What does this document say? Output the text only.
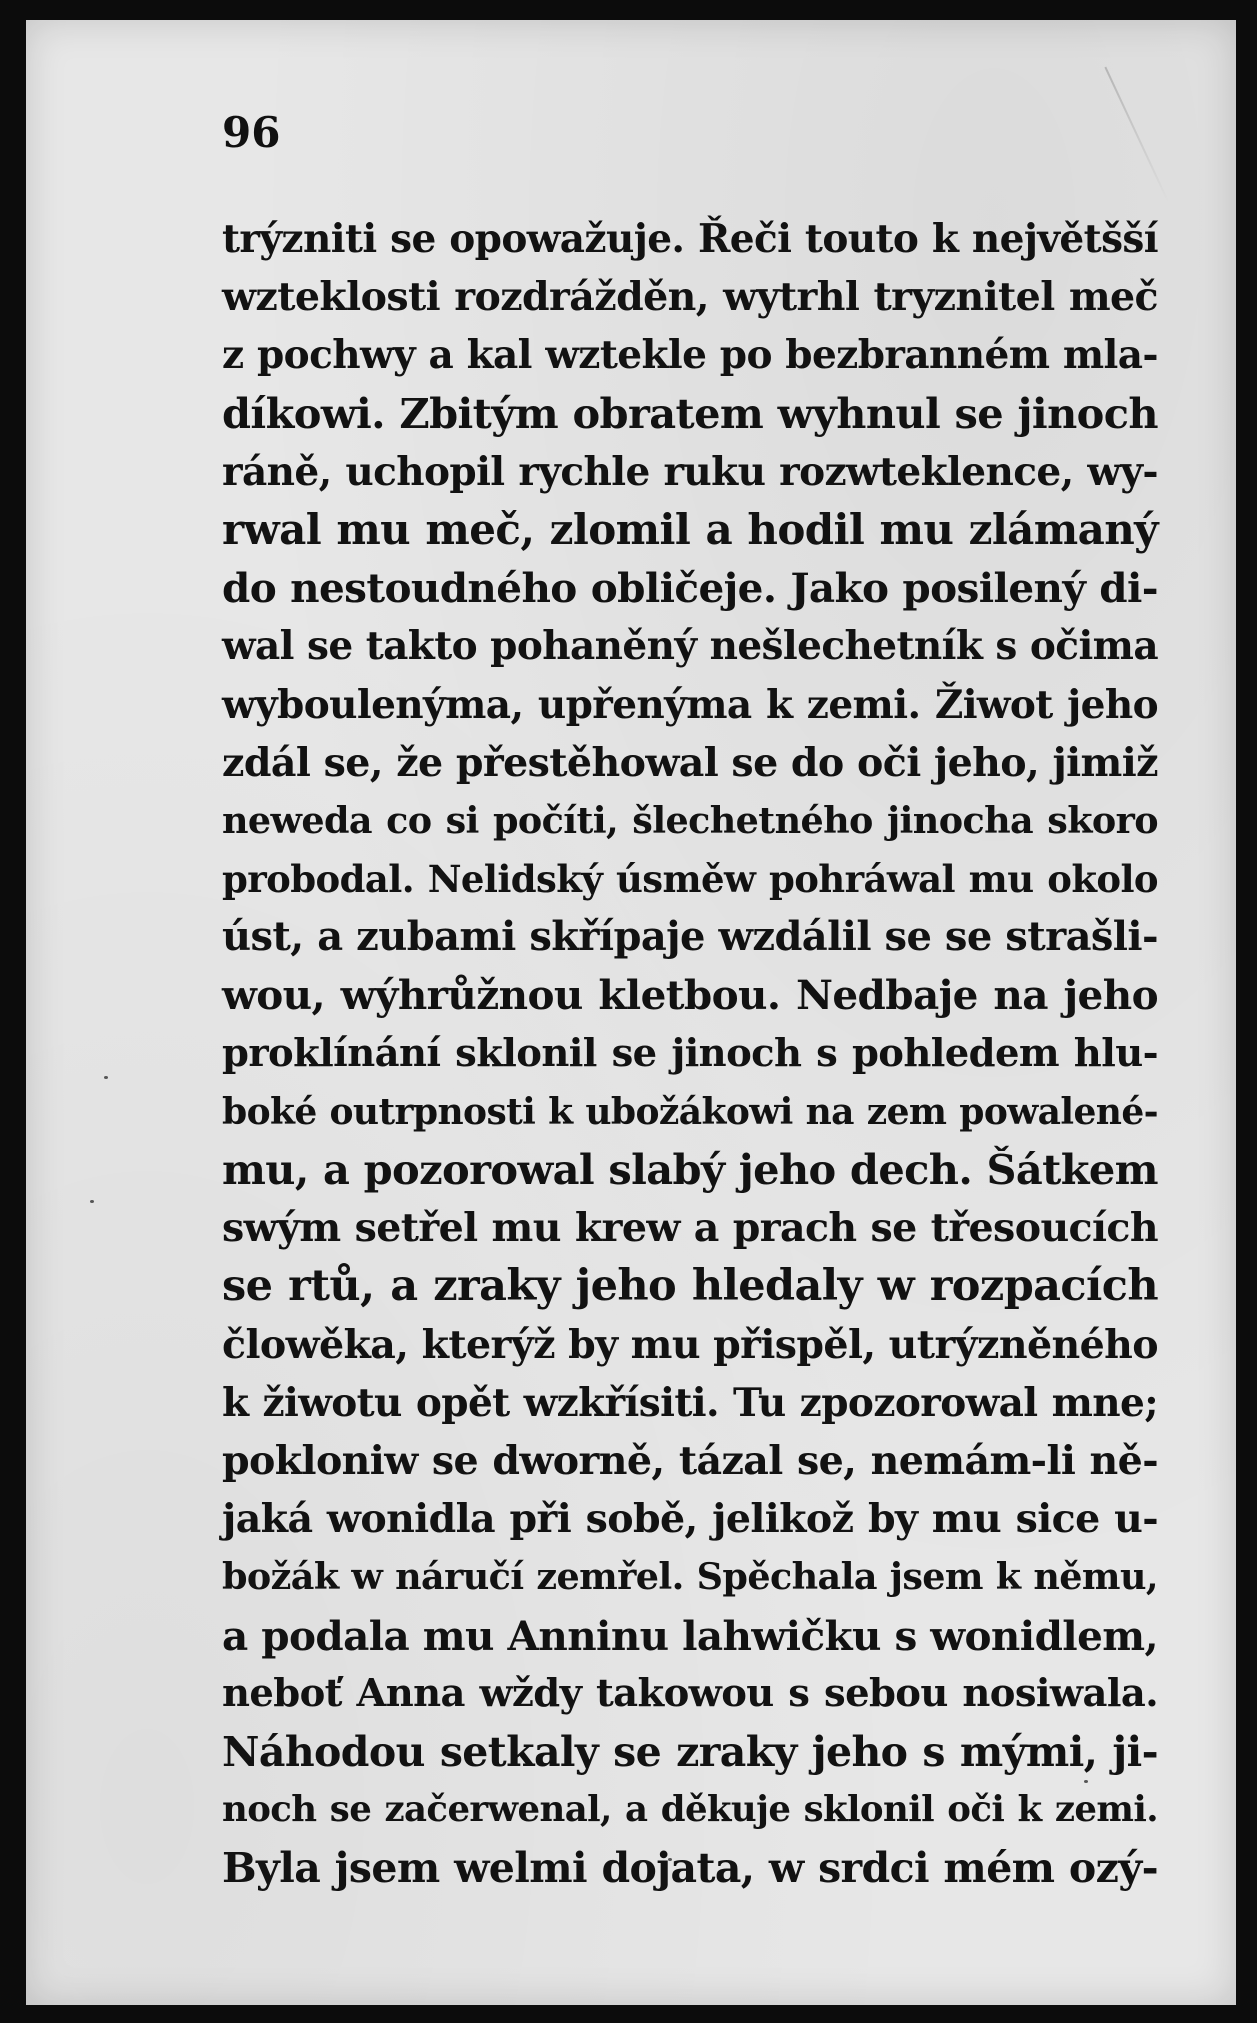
96

trýzniti se opowažuje. Řeči touto k největšší
wzteklosti rozdrážděn, wytrhl tryznitel meč
z pochwy a kal wztekle po bezbranném mla-
díkowi. Zbitým obratem wyhnul se jinoch
ráně, uchopil rychle ruku rozwteklence, wy-
rwal mu meč, zlomil a hodil mu zlámaný
do nestoudného obličeje. Jako posilený di-
wal se takto pohaněný nešlechetník s očima
wyboulenýma, upřenýma k zemi. Žiwot jeho
zdál se, že přestěhowal se do oči jeho, jimiž
neweda co si počíti, šlechetného jinocha skoro
probodal. Nelidský úsměw pohráwal mu okolo
úst, a zubami skřípaje wzdálil se se strašli-
wou, wýhrůžnou kletbou. Nedbaje na jeho
proklínání sklonil se jinoch s pohledem hlu-
boké outrpnosti k ubožákowi na zem powalené-
mu, a pozorowal slabý jeho dech. Šátkem
swým setřel mu krew a prach se třesoucích
se rtů, a zraky jeho hledaly w rozpacích
člowěka, kterýž by mu přispěl, utrýzněného
k žiwotu opět wzkřísiti. Tu zpozorowal mne;
pokloniw se dworně, tázal se, nemám-li ně-
jaká wonidla při sobě, jelikož by mu sice u-
božák w náručí zemřel. Spěchala jsem k němu,
a podala mu Anninu lahwičku s wonidlem,
neboť Anna wždy takowou s sebou nosiwala.
Náhodou setkaly se zraky jeho s mými, ji-
noch se začerwenal, a děkuje sklonil oči k zemi.
Byla jsem welmi dojata, w srdci mém ozý-
